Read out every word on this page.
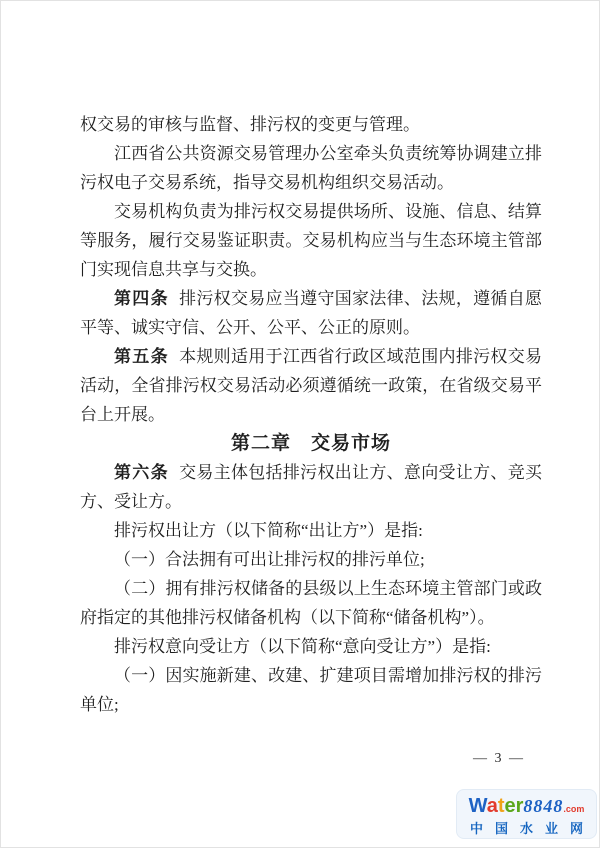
权交易的审核与监督、排污权的变更与管理。
江西省公共资源交易管理办公室牵头负责统筹协调建立排污权电子交易系统，指导交易机构组织交易活动。
交易机构负责为排污权交易提供场所、设施、信息、结算等服务，履行交易鉴证职责。交易机构应当与生态环境主管部门实现信息共享与交换。
第四条 排污权交易应当遵守国家法律、法规，遵循自愿平等、诚实守信、公开、公平、公正的原则。
第五条 本规则适用于江西省行政区域范围内排污权交易活动，全省排污权交易活动必须遵循统一政策，在省级交易平台上开展。
第二章　交易市场
第六条 交易主体包括排污权出让方、意向受让方、竞买方、受让方。
排污权出让方（以下简称“出让方”）是指:
（一）合法拥有可出让排污权的排污单位;
（二）拥有排污权储备的县级以上生态环境主管部门或政府指定的其他排污权储备机构（以下简称“储备机构”）。
排污权意向受让方（以下简称“意向受让方”）是指:
（一）因实施新建、改建、扩建项目需增加排污权的排污单位;
— 3 —
Water8848.com
中国水业网
